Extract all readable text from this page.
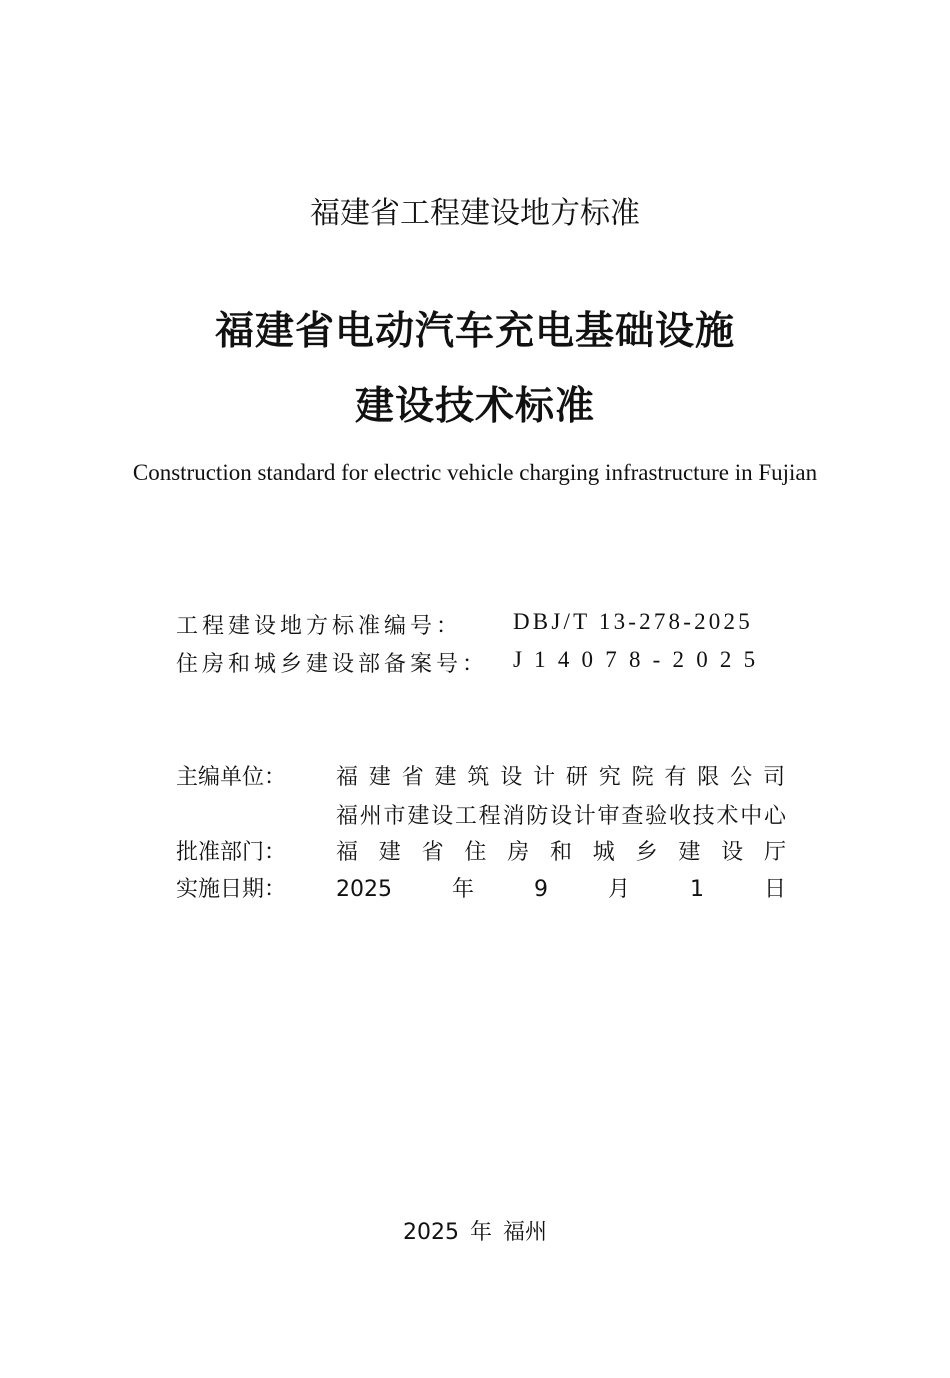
福建省工程建设地方标准
福建省电动汽车充电基础设施
建设技术标准
Construction standard for electric vehicle charging infrastructure in Fujian
工程建设地方标准编号： DBJ/T 13-278-2025
住房和城乡建设部备案号： J14078-2025
主编单位： 福建省建筑设计研究院有限公司
福州市建设工程消防设计审查验收技术中心
批准部门： 福建省住房和城乡建设厅
实施日期： 2025年9月1日
2025 年 福州
